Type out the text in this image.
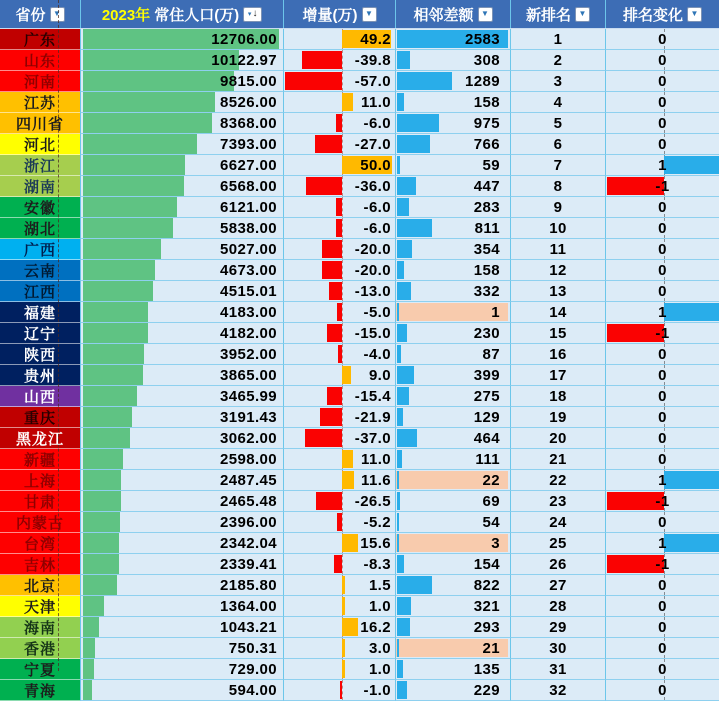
省份 ▼	2023年 常住人口(万) ▾ ↓	增量(万) ▼	相邻差额 ▼ 新排名 ▼ 排名变化 ▼
广东	12706.00	49.2	2583	1	0
山东	10122.97	-39.8	308	2	0
河南	9815.00	-57.0	1289	3	0
江苏	8526.00	11.0	158	4	0
四川省	8368.00	-6.0	975	5	0
河北	7393.00	-27.0	766	6	0
浙江	6627.00	50.0	59	7	1
湖南	6568.00	-36.0	447	8	-1
安徽	6121.00	-6.0	283	9	0
湖北	5838.00	-6.0	811	10	0
广西	5027.00	-20.0	354	11	0
云南	4673.00	-20.0	158	12	0
江西	4515.01	-13.0	332	13	0
福建	4183.00	-5.0	1	14	1
辽宁	4182.00	-15.0	230	15	-1
陕西	3952.00	-4.0	87	16	0
贵州	3865.00	9.0	399	17	0
山西	3465.99	-15.4	275	18	0
重庆	3191.43	-21.9	129	19	0
黑龙江	3062.00	-37.0	464	20	0
新疆	2598.00	11.0	111	21	0
上海	2487.45	11.6	22	22	1
甘肃	2465.48	-26.5	69	23	-1
内蒙古	2396.00	-5.2	54	24	0
台湾	2342.04	15.6	3	25	1
吉林	2339.41	-8.3	154	26	-1
北京	2185.80	1.5	822	27	0
天津	1364.00	1.0	321	28	0
海南	1043.21	16.2	293	29	0
香港	750.31	3.0	21	30	0
宁夏	729.00	1.0	135	31	0
青海	594.00	-1.0	229	32	0
